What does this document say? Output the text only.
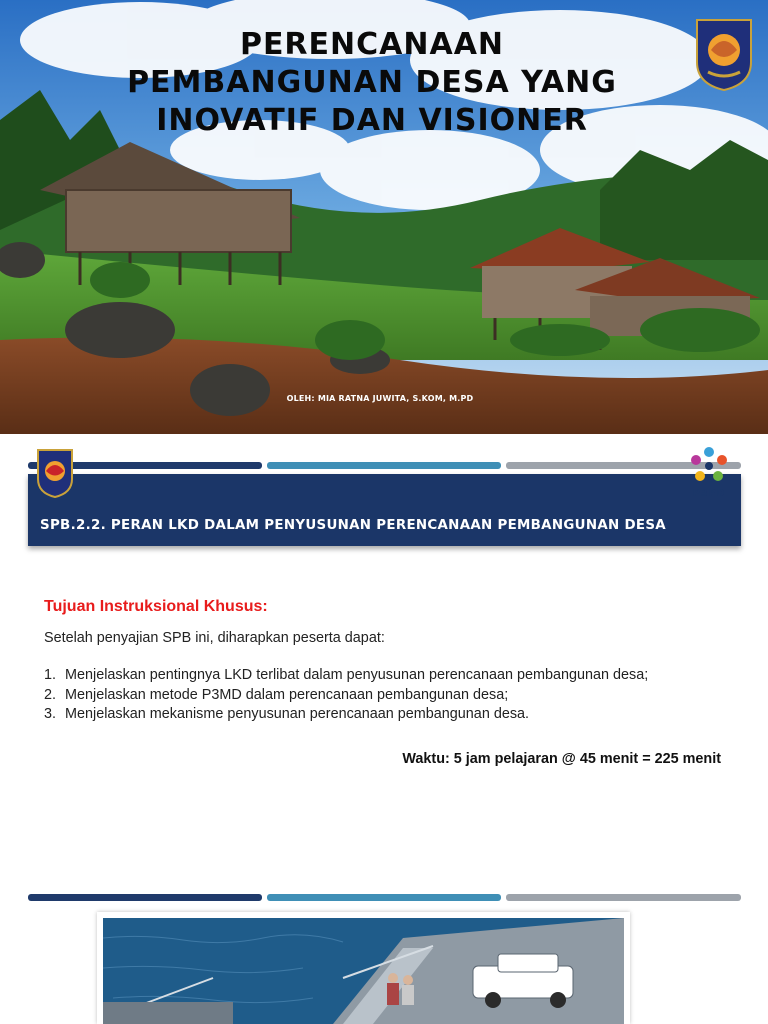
PERENCANAAN
PEMBANGUNAN DESA YANG
INOVATIF DAN VISIONER
OLEH: MIA RATNA JUWITA, S.KOM, M.PD
SPB.2.2. PERAN LKD DALAM PENYUSUNAN PERENCANAAN PEMBANGUNAN DESA
P3PD
Tujuan Instruksional Khusus:
Setelah penyajian SPB ini, diharapkan peserta dapat:
1. Menjelaskan pentingnya LKD terlibat dalam penyusunan perencanaan pembangunan desa;
2. Menjelaskan metode P3MD dalam perencanaan pembangunan desa;
3. Menjelaskan mekanisme penyusunan perencanaan pembangunan desa.
Waktu: 5 jam pelajaran @ 45 menit = 225 menit
